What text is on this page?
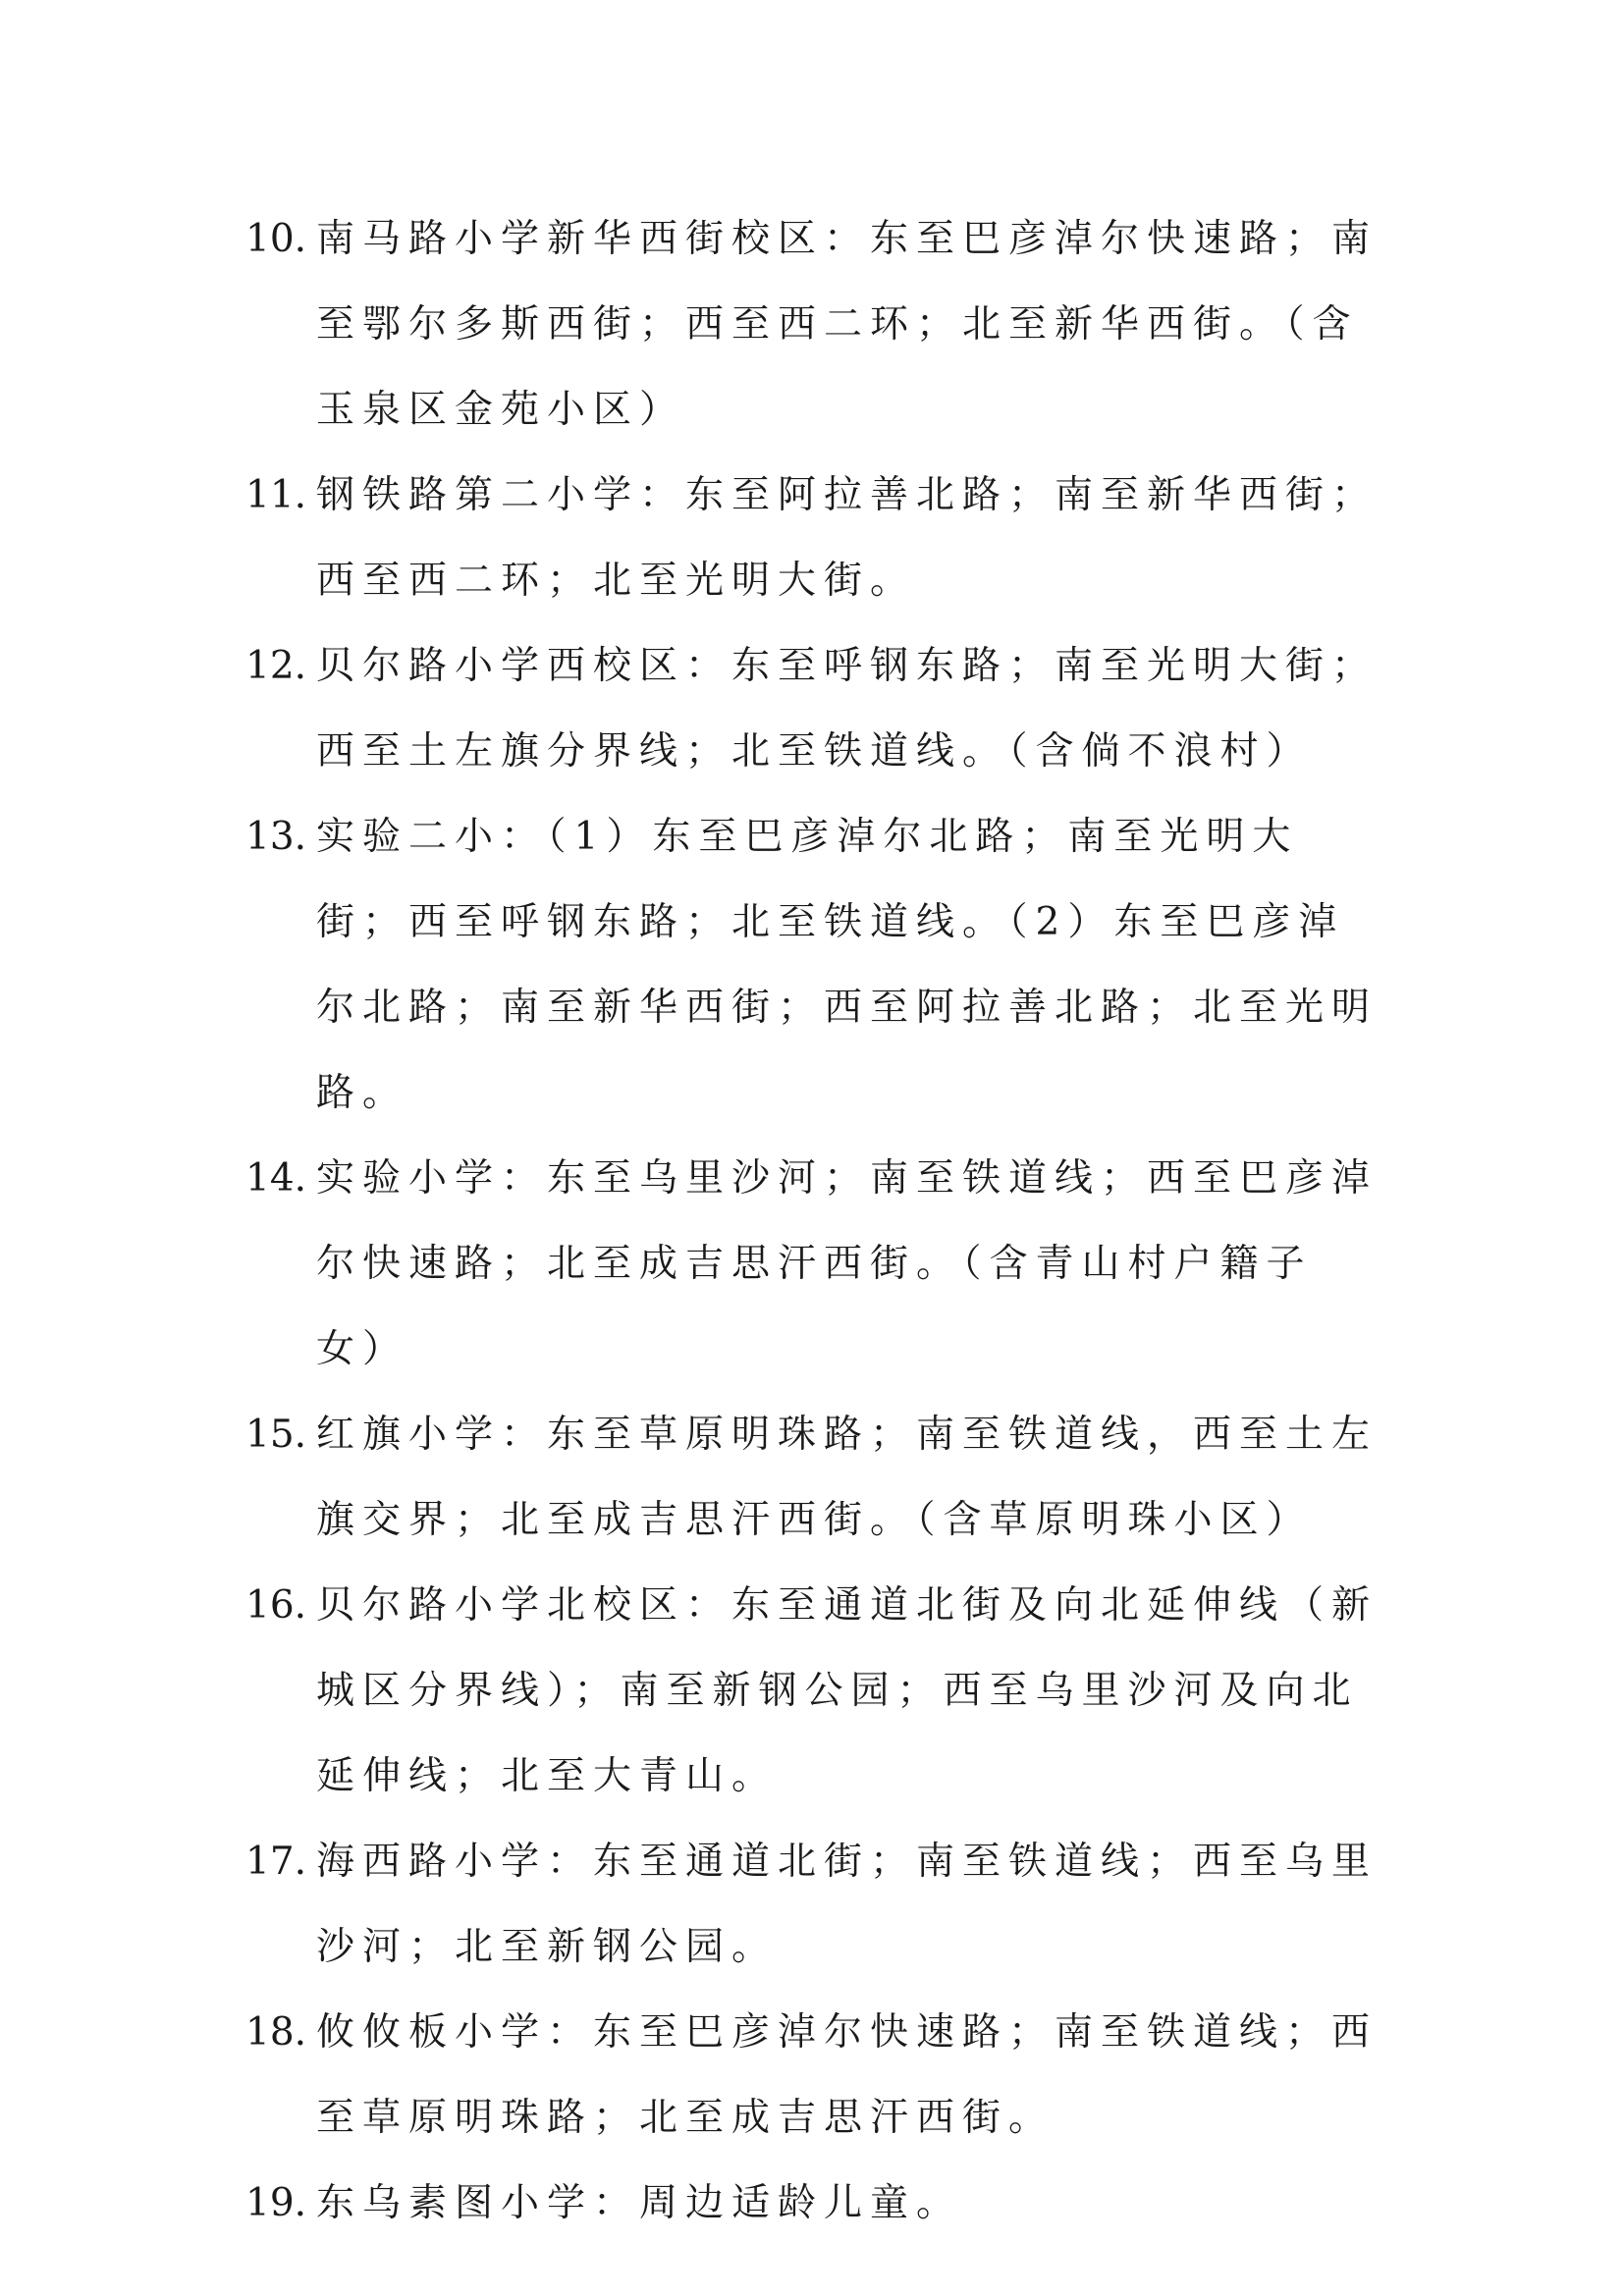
10. 南马路小学新华西街校区：东至巴彦淖尔快速路；南至鄂尔多斯西街；西至西二环；北至新华西街。（含玉泉区金苑小区）
11. 钢铁路第二小学：东至阿拉善北路；南至新华西街；西至西二环；北至光明大街。
12. 贝尔路小学西校区：东至呼钢东路；南至光明大街；西至土左旗分界线；北至铁道线。（含倘不浪村）
13. 实验二小：（1）东至巴彦淖尔北路；南至光明大街；西至呼钢东路；北至铁道线。（2）东至巴彦淖尔北路；南至新华西街；西至阿拉善北路；北至光明路。
14. 实验小学：东至乌里沙河；南至铁道线；西至巴彦淖尔快速路；北至成吉思汗西街。（含青山村户籍子女）
15. 红旗小学：东至草原明珠路；南至铁道线，西至土左旗交界；北至成吉思汗西街。（含草原明珠小区）
16. 贝尔路小学北校区：东至通道北街及向北延伸线（新城区分界线）；南至新钢公园；西至乌里沙河及向北延伸线；北至大青山。
17. 海西路小学：东至通道北街；南至铁道线；西至乌里沙河；北至新钢公园。
18. 攸攸板小学：东至巴彦淖尔快速路；南至铁道线；西至草原明珠路；北至成吉思汗西街。
19. 东乌素图小学：周边适龄儿童。
